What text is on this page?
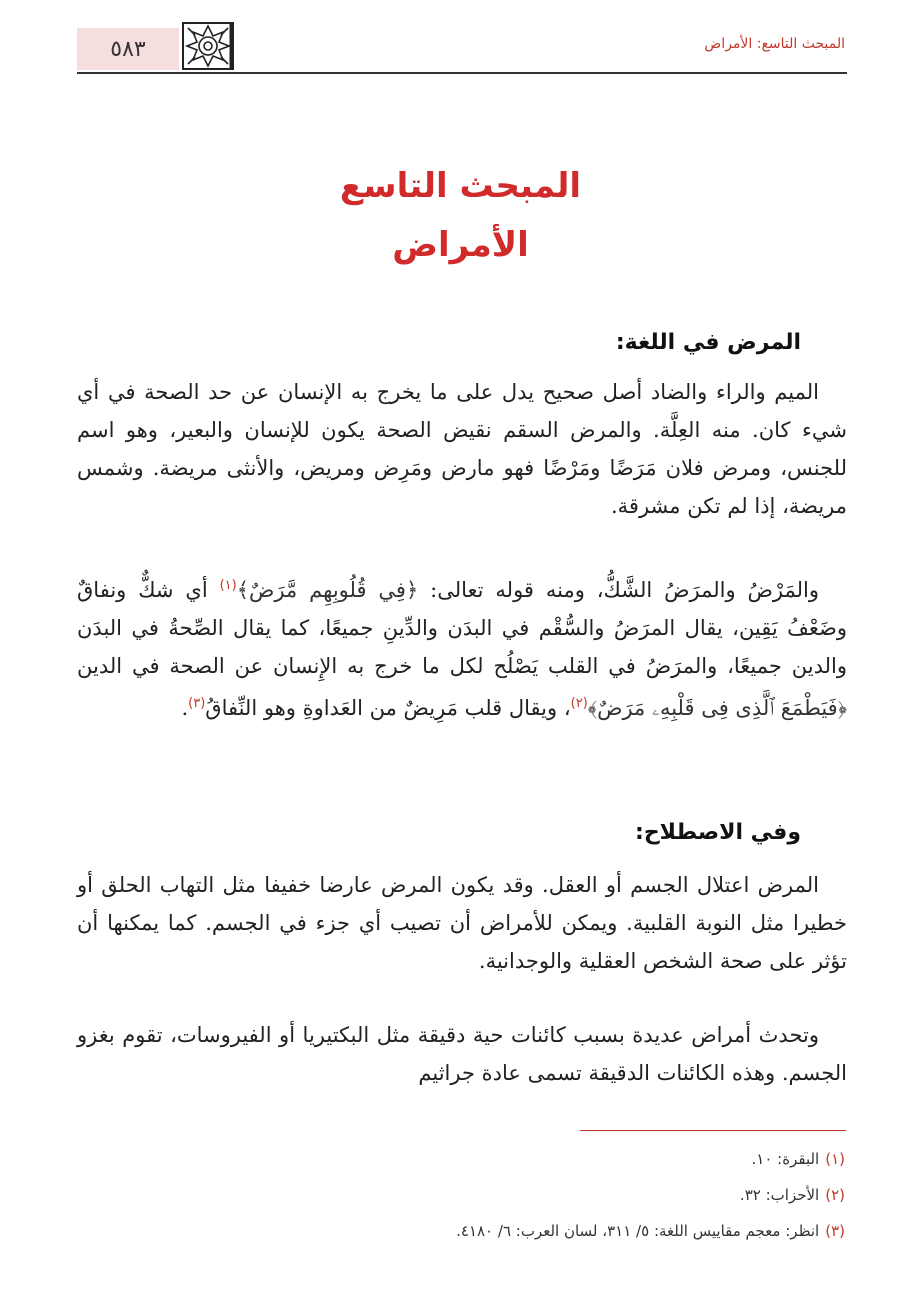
٥٨٣	المبحث التاسع: الأمراض
المبحث التاسع
الأمراض
المرض في اللغة:
الميم والراء والضاد أصل صحيح يدل على ما يخرج به الإنسان عن حد الصحة في أي شيء كان. منه العِلَّة. والمرض السقم نقيض الصحة يكون للإنسان والبعير، وهو اسم للجنس، ومرض فلان مَرَضًا ومَرْضًا فهو مارض ومَرِض ومريض، والأنثى مريضة. وشمس مريضة، إذا لم تكن مشرقة.
والمَرْضُ والمرَضُ الشَّكُّ، ومنه قوله تعالى: ﴿فِي قُلُوبِهِم مَّرَضٌ﴾$^{(١)}$ أي شكٌّ ونفاقٌ وضَعْفُ يَقِين، يقال المرَضُ والسُّقْم في البدَن والدِّينِ جميعًا، كما يقال الصِّحةُ في البدَن والدين جميعًا، والمرَضُ في القلب يَصْلُح لكل ما خرج به الإِنسان عن الصحة في الدين ﴿فَيَطْمَعَ ٱلَّذِى فِى قَلْبِهِۦ مَرَضٌ﴾$^{(٢)}$، ويقال قلب مَرِيضٌ من العَداوةِ وهو النِّفاقُ$^{(٣)}$.
وفي الاصطلاح:
المرض اعتلال الجسم أو العقل. وقد يكون المرض عارضا خفيفا مثل التهاب الحلق أو خطيرا مثل النوبة القلبية. ويمكن للأمراض أن تصيب أي جزء في الجسم. كما يمكنها أن تؤثر على صحة الشخص العقلية والوجدانية.
وتحدث أمراض عديدة بسبب كائنات حية دقيقة مثل البكتيريا أو الفيروسات، تقوم بغزو الجسم. وهذه الكائنات الدقيقة تسمى عادة جراثيم
(١)البقرة: ١٠.
(٢)الأحزاب: ٣٢.
(٣)انظر: معجم مقاييس اللغة: ٥/ ٣١١، لسان العرب: ٦/ ٤١٨٠.
